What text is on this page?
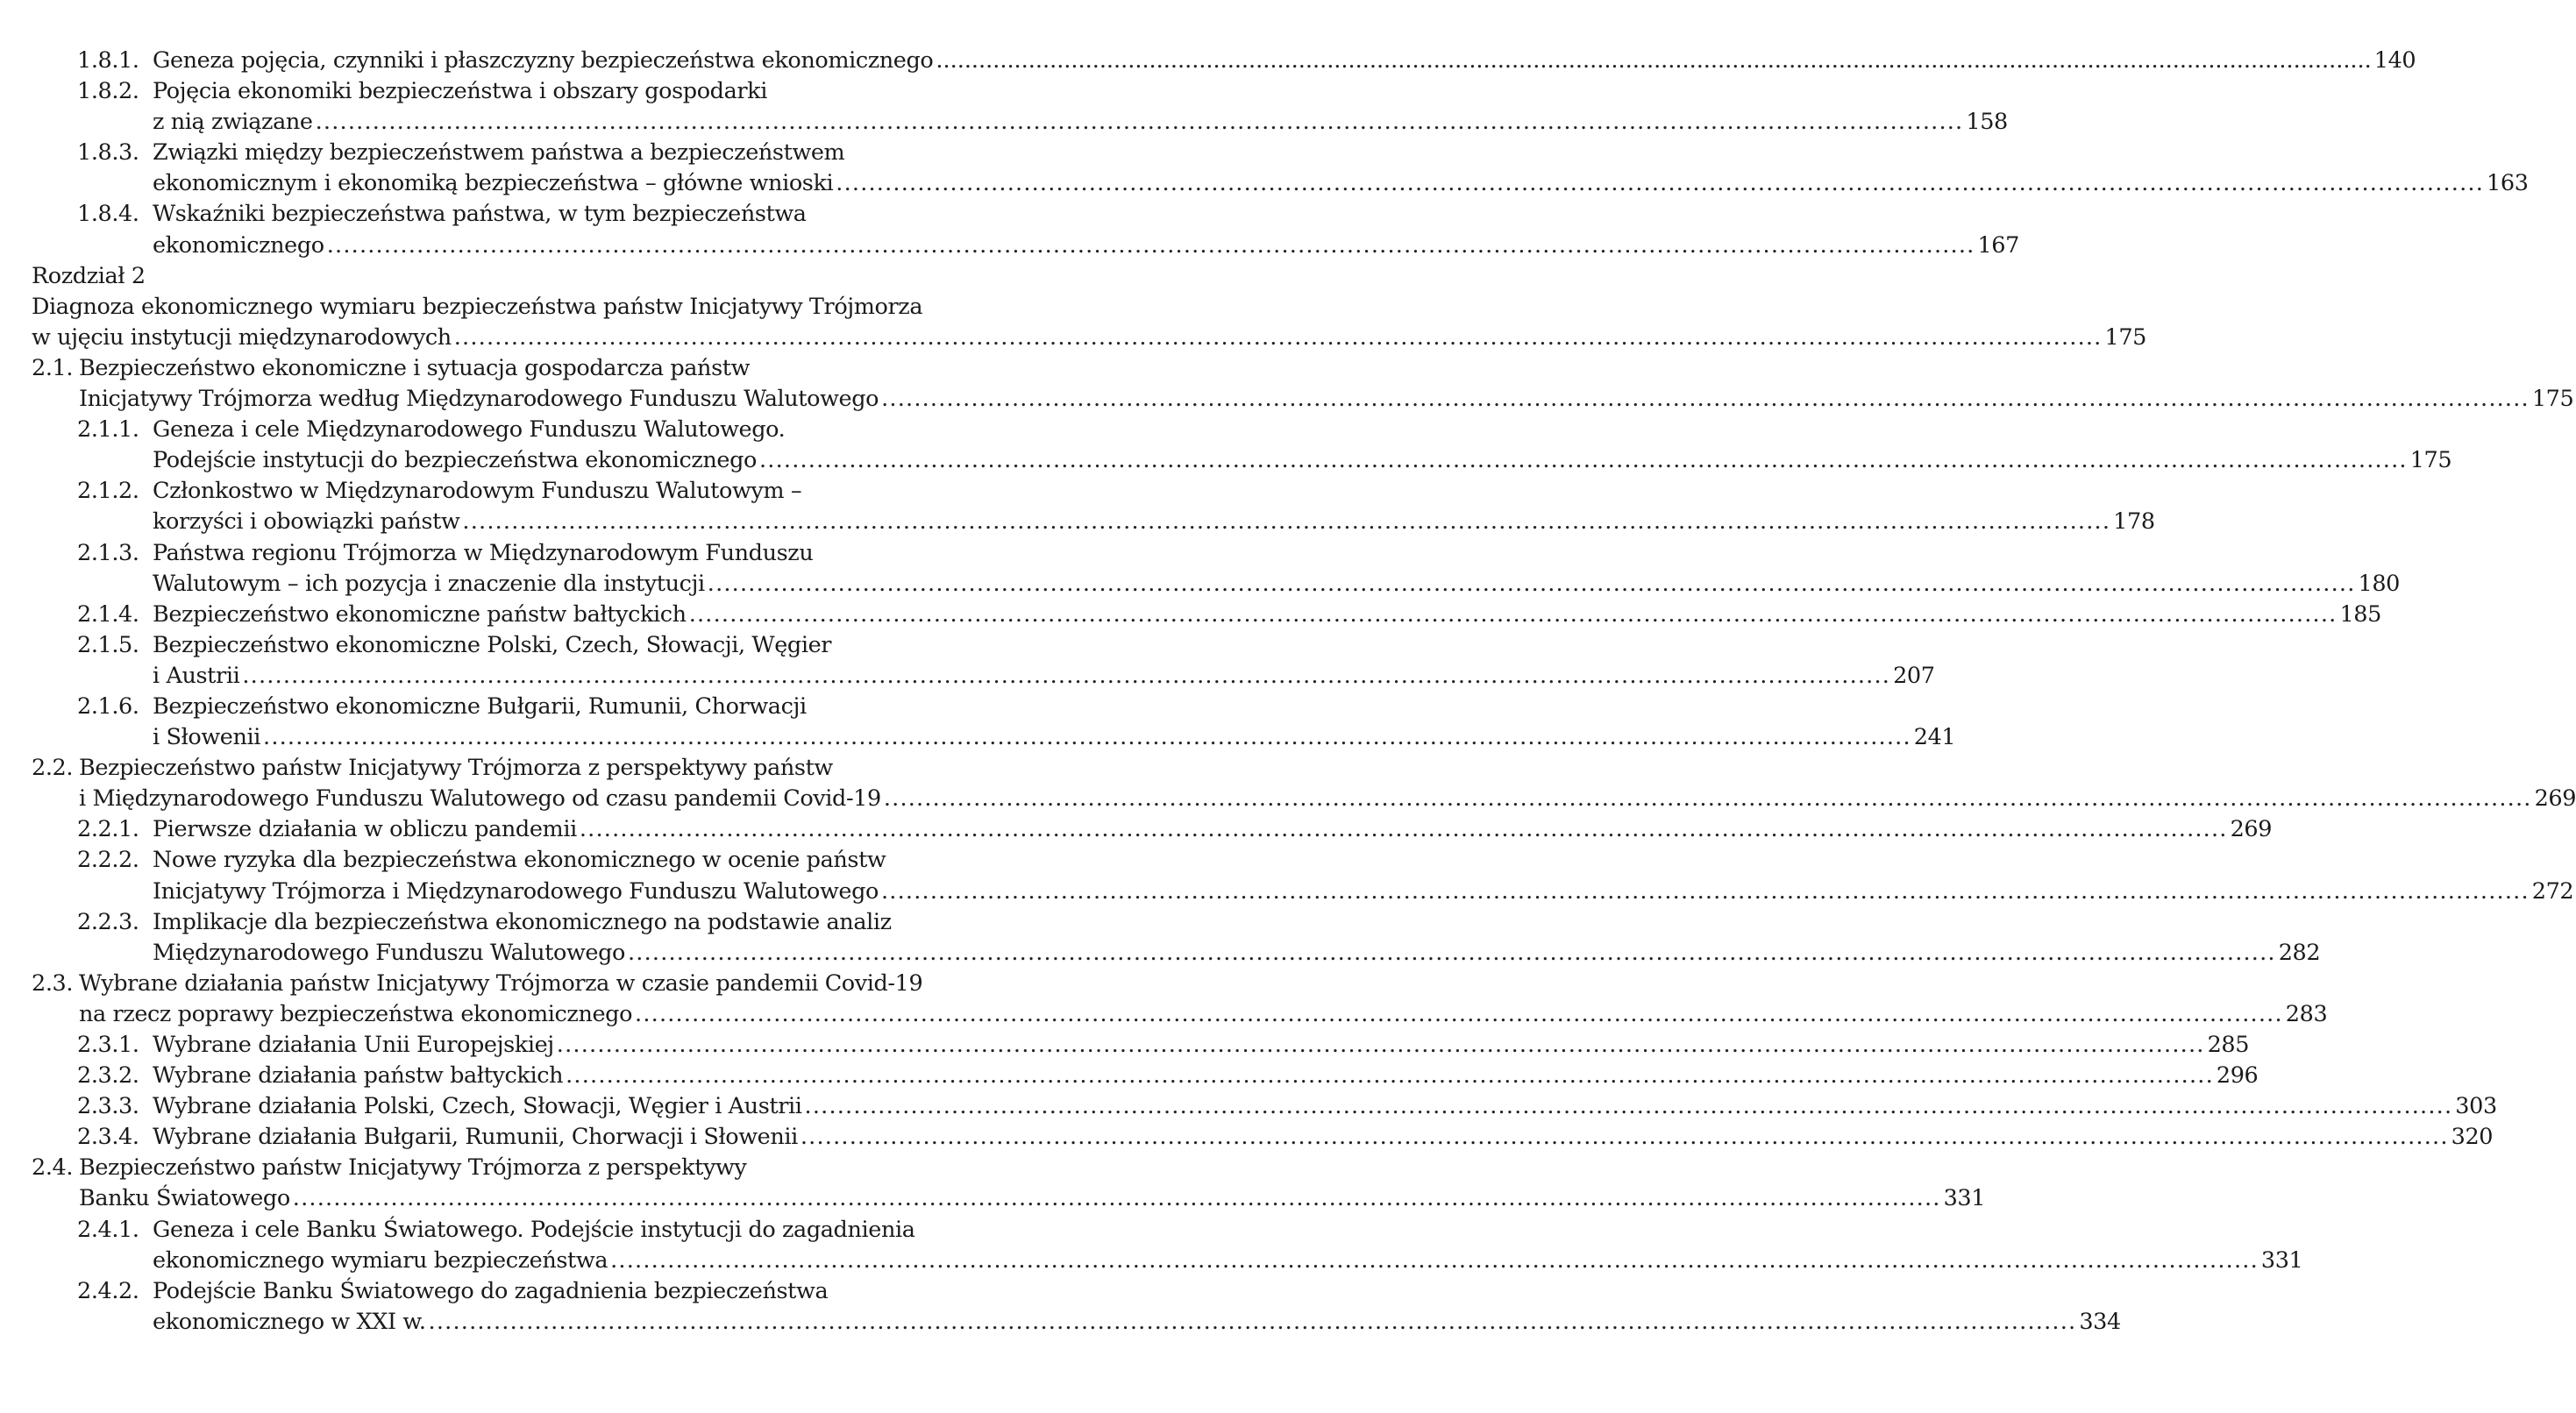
1.8.1. Geneza pojęcia, czynniki i płaszczyzny bezpieczeństwa ekonomicznego .....	140
1.8.2. Pojęcia ekonomiki bezpieczeństwa i obszary gospodarki
z nią związane .....	158
1.8.3. Związki między bezpieczeństwem państwa a bezpieczeństwem
ekonomicznym i ekonomiką bezpieczeństwa – główne wnioski .....	163
1.8.4. Wskaźniki bezpieczeństwa państwa, w tym bezpieczeństwa
ekonomicznego .....	167
Rozdział 2
Diagnoza ekonomicznego wymiaru bezpieczeństwa państw Inicjatywy Trójmorza
w ujęciu instytucji międzynarodowych .....	175
2.1. Bezpieczeństwo ekonomiczne i sytuacja gospodarcza państw
Inicjatywy Trójmorza według Międzynarodowego Funduszu Walutowego .....	175
2.1.1. Geneza i cele Międzynarodowego Funduszu Walutowego.
Podejście instytucji do bezpieczeństwa ekonomicznego .....	175
2.1.2. Członkostwo w Międzynarodowym Funduszu Walutowym –
korzyści i obowiązki państw .....	178
2.1.3. Państwa regionu Trójmorza w Międzynarodowym Funduszu
Walutowym – ich pozycja i znaczenie dla instytucji .....	180
2.1.4. Bezpieczeństwo ekonomiczne państw bałtyckich .....	185
2.1.5. Bezpieczeństwo ekonomiczne Polski, Czech, Słowacji, Węgier
i Austrii .....	207
2.1.6. Bezpieczeństwo ekonomiczne Bułgarii, Rumunii, Chorwacji
i Słowenii .....	241
2.2. Bezpieczeństwo państw Inicjatywy Trójmorza z perspektywy państw
i Międzynarodowego Funduszu Walutowego od czasu pandemii Covid-19 .....	269
2.2.1. Pierwsze działania w obliczu pandemii .....	269
2.2.2. Nowe ryzyka dla bezpieczeństwa ekonomicznego w ocenie państw
Inicjatywy Trójmorza i Międzynarodowego Funduszu Walutowego .....	272
2.2.3. Implikacje dla bezpieczeństwa ekonomicznego na podstawie analiz
Międzynarodowego Funduszu Walutowego .....	282
2.3. Wybrane działania państw Inicjatywy Trójmorza w czasie pandemii Covid-19
na rzecz poprawy bezpieczeństwa ekonomicznego .....	283
2.3.1. Wybrane działania Unii Europejskiej .....	285
2.3.2. Wybrane działania państw bałtyckich .....	296
2.3.3. Wybrane działania Polski, Czech, Słowacji, Węgier i Austrii .....	303
2.3.4. Wybrane działania Bułgarii, Rumunii, Chorwacji i Słowenii .....	320
2.4. Bezpieczeństwo państw Inicjatywy Trójmorza z perspektywy
Banku Światowego .....	331
2.4.1. Geneza i cele Banku Światowego. Podejście instytucji do zagadnienia
ekonomicznego wymiaru bezpieczeństwa .....	331
2.4.2. Podejście Banku Światowego do zagadnienia bezpieczeństwa
ekonomicznego w XXI w. .....	334
